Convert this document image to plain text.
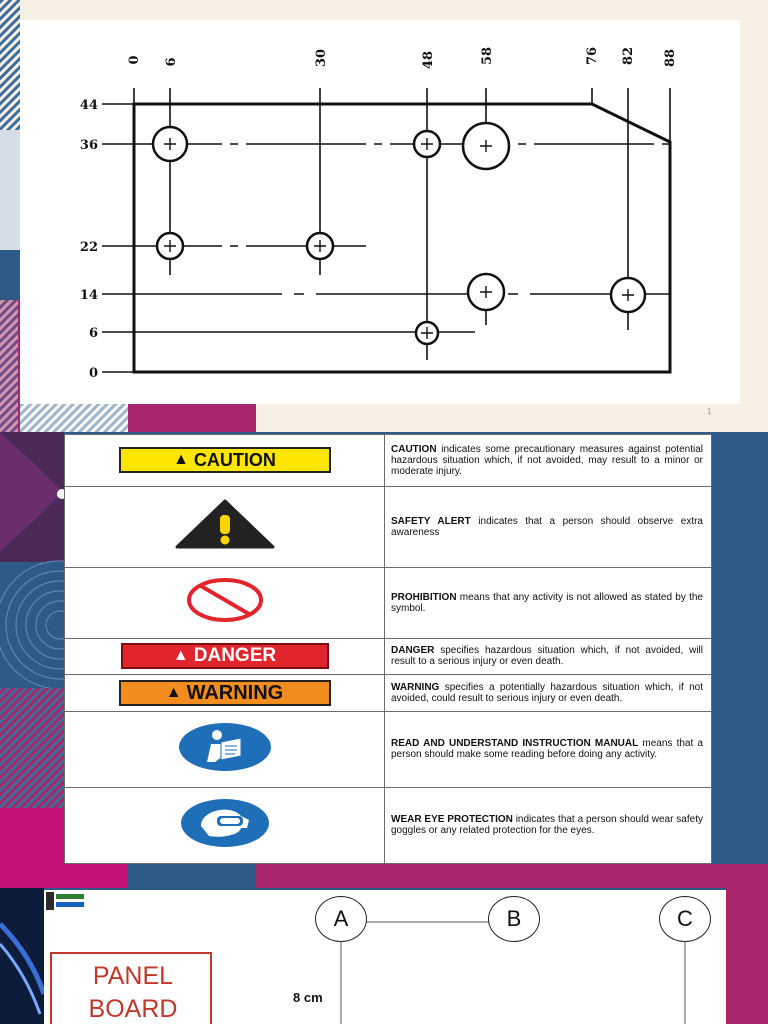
0 6	30	48	58	76 82 88
44
36
22
14
6
0
1
▲ CAUTION	CAUTION indicates some precautionary measures against potential hazardous situation which, if not avoided, may result to a minor or moderate injury.
	SAFETY ALERT indicates that a person should observe extra awareness
	PROHIBITION means that any activity is not allowed as stated by the symbol.

▲ DANGER	DANGER specifies hazardous situation which, if not avoided, will result to a serious injury or even death.

▲ WARNING	WARNING specifies a potentially hazardous situation which, if not avoided, could result to serious injury or even death.
	READ AND UNDERSTAND INSTRUCTION MANUAL means that a person should make some reading before doing any activity.
	WEAR EYE PROTECTION indicates that a person should wear safety goggles or any related protection for the eyes.
A	B	C
8 cm
PANEL
BOARD
